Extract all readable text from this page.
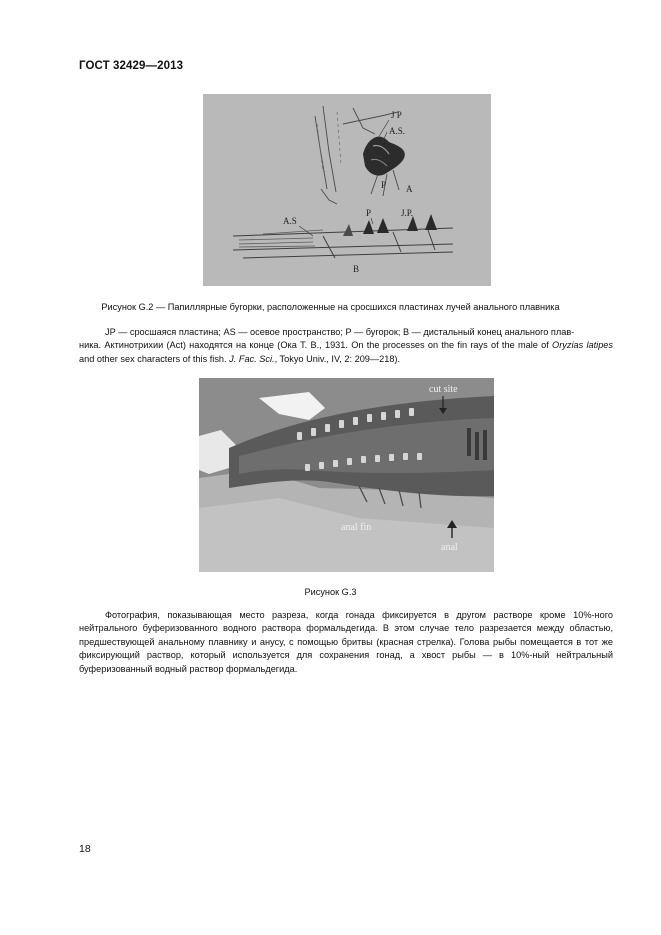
ГОСТ 32429—2013
J P
A.S.
P A
A.S
P	J.P.
B
Рисунок G.2 — Папиллярные бугорки, расположенные на сросшихся пластинах лучей анального плавника

JP — сросшаяся пластина; AS — осевое пространство; P — бугорок; B — дистальный конец анального плав-

ника. Актинотрихии (Act) находятся на конце (Ока Т. В., 1931. On the processes on the fin rays of the male of Oryzias latipes and other sex characters of this fish. J. Fac. Sci., Tokyo Univ., IV, 2: 209—218).
cut site
anal fin
anal
Рисунок G.3

Фотография, показывающая место разреза, когда гонада фиксируется в другом растворе кроме 10%-ного нейтрального буферизованного водного раствора формальдегида. В этом случае тело разрезается между областью, предшествующей анальному плавнику и анусу, с помощью бритвы (красная стрелка). Голова рыбы помещается в тот же фиксирующий раствор, который используется для сохранения гонад, а хвост рыбы — в 10%-ный нейтральный буферизованный водный раствор формальдегида.

18
